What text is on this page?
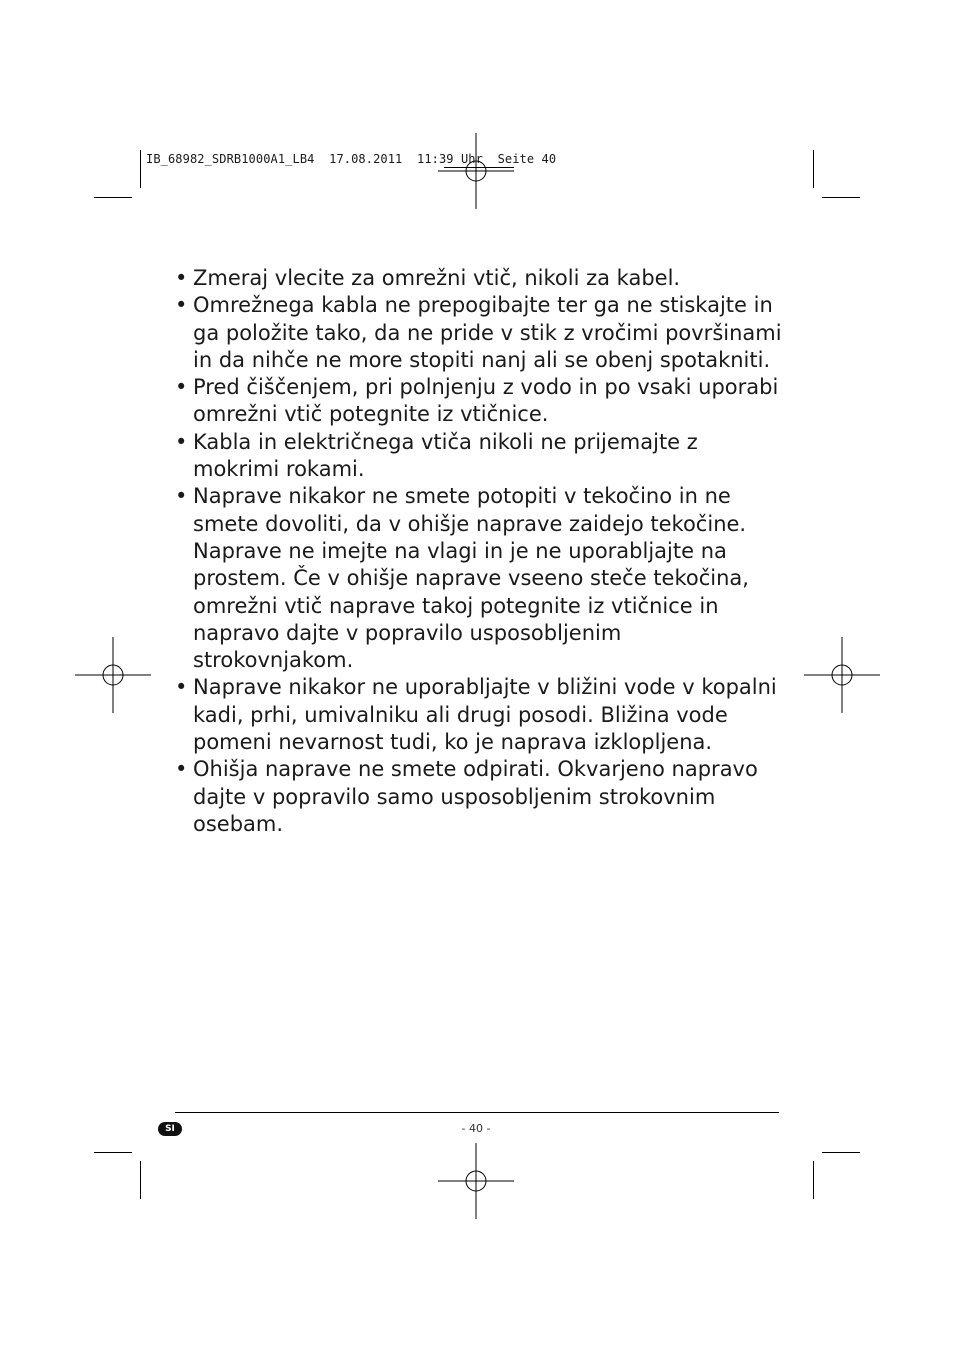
IB_68982_SDRB1000A1_LB4  17.08.2011  11:39 Uhr  Seite 40
• Zmeraj vlecite za omrežni vtič, nikoli za kabel.
• Omrežnega kabla ne prepogibajte ter ga ne stiskajte in ga položite tako, da ne pride v stik z vročimi površinami in da nihče ne more stopiti nanj ali se obenj spotakniti.
• Pred čiščenjem, pri polnjenju z vodo in po vsaki uporabi omrežni vtič potegnite iz vtičnice.
• Kabla in električnega vtiča nikoli ne prijemajte z mokrimi rokami.
• Naprave nikakor ne smete potopiti v tekočino in ne smete dovoliti, da v ohišje naprave zaidejo tekočine. Naprave ne imejte na vlagi in je ne uporabljajte na prostem. Če v ohišje naprave vseeno steče tekočina, omrežni vtič naprave takoj potegnite iz vtičnice in napravo dajte v popravilo usposobljenim strokovnjakom.
• Naprave nikakor ne uporabljajte v bližini vode v kopalni kadi, prhi, umivalniku ali drugi posodi. Bližina vode pomeni nevarnost tudi, ko je naprava izklopljena.
• Ohišja naprave ne smete odpirati. Okvarjeno napravo dajte v popravilo samo usposobljenim strokovnim osebam.
SI	- 40 -
